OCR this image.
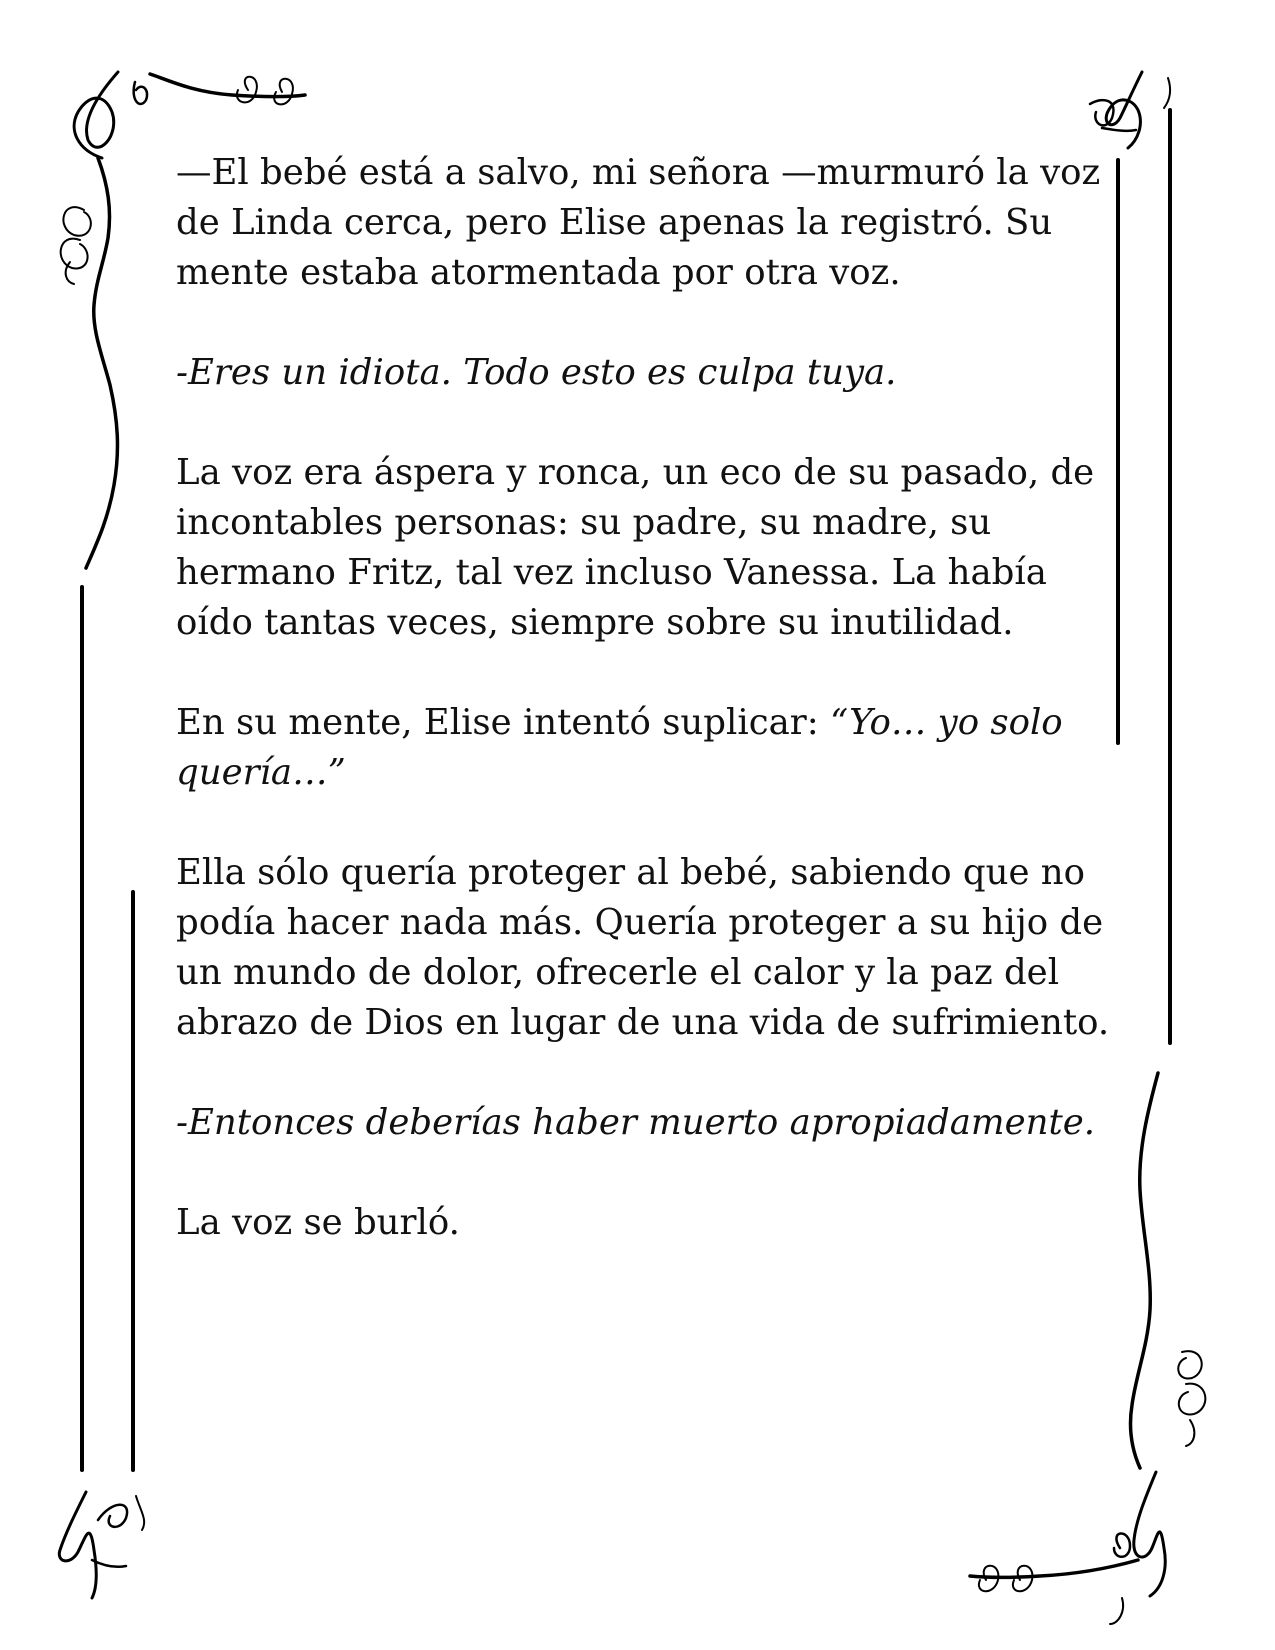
—El bebé está a salvo, mi señora —murmuró la voz de Linda cerca, pero Elise apenas la registró. Su mente estaba atormentada por otra voz.

-Eres un idiota. Todo esto es culpa tuya.

La voz era áspera y ronca, un eco de su pasado, de incontables personas: su padre, su madre, su hermano Fritz, tal vez incluso Vanessa. La había oído tantas veces, siempre sobre su inutilidad.

En su mente, Elise intentó suplicar: “Yo… yo solo quería…”

Ella sólo quería proteger al bebé, sabiendo que no podía hacer nada más. Quería proteger a su hijo de un mundo de dolor, ofrecerle el calor y la paz del abrazo de Dios en lugar de una vida de sufrimiento.

-Entonces deberías haber muerto apropiadamente.

La voz se burló.
